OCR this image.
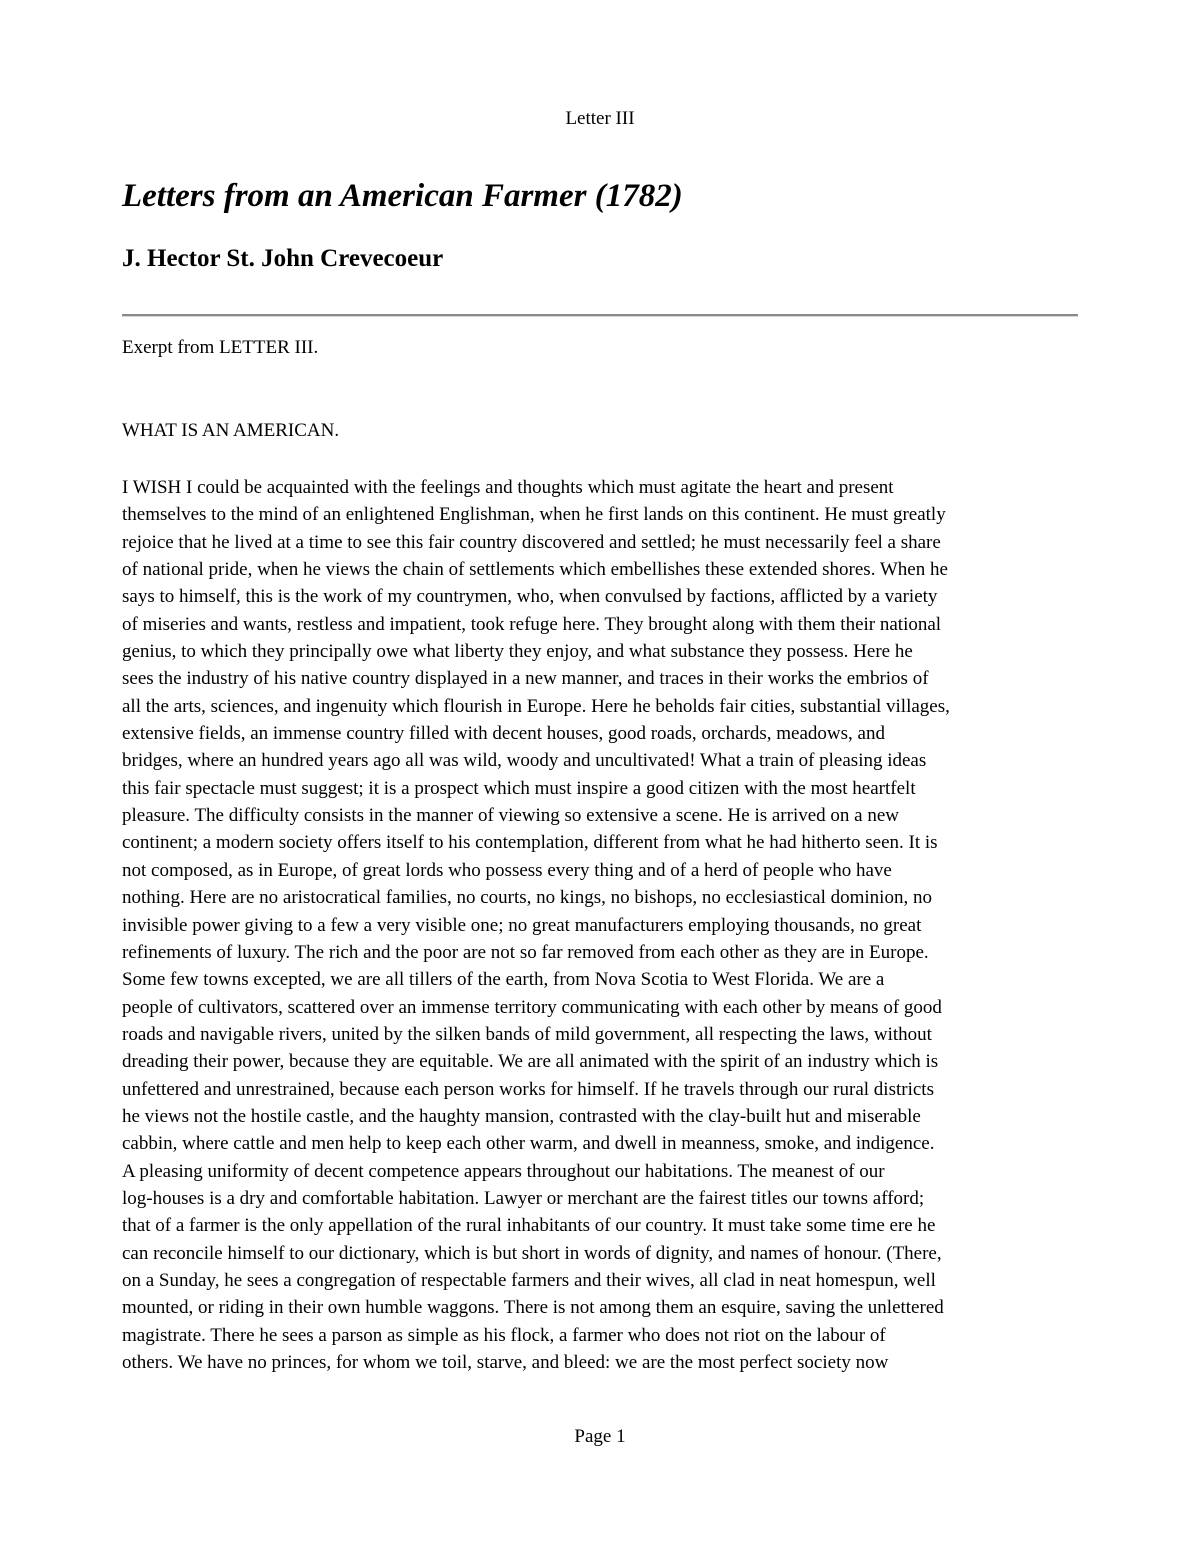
Letter III
Letters from an American Farmer (1782)
J. Hector St. John Crevecoeur
Exerpt from LETTER III.
WHAT IS AN AMERICAN.
I WISH I could be acquainted with the feelings and thoughts which must agitate the heart and present
themselves to the mind of an enlightened Englishman, when he first lands on this continent. He must greatly
rejoice that he lived at a time to see this fair country discovered and settled; he must necessarily feel a share
of national pride, when he views the chain of settlements which embellishes these extended shores. When he
says to himself, this is the work of my countrymen, who, when convulsed by factions, afflicted by a variety
of miseries and wants, restless and impatient, took refuge here. They brought along with them their national
genius, to which they principally owe what liberty they enjoy, and what substance they possess. Here he
sees the industry of his native country displayed in a new manner, and traces in their works the embrios of
all the arts, sciences, and ingenuity which flourish in Europe. Here he beholds fair cities, substantial villages,
extensive fields, an immense country filled with decent houses, good roads, orchards, meadows, and
bridges, where an hundred years ago all was wild, woody and uncultivated! What a train of pleasing ideas
this fair spectacle must suggest; it is a prospect which must inspire a good citizen with the most heartfelt
pleasure. The difficulty consists in the manner of viewing so extensive a scene. He is arrived on a new
continent; a modern society offers itself to his contemplation, different from what he had hitherto seen. It is
not composed, as in Europe, of great lords who possess every thing and of a herd of people who have
nothing. Here are no aristocratical families, no courts, no kings, no bishops, no ecclesiastical dominion, no
invisible power giving to a few a very visible one; no great manufacturers employing thousands, no great
refinements of luxury. The rich and the poor are not so far removed from each other as they are in Europe.
Some few towns excepted, we are all tillers of the earth, from Nova Scotia to West Florida. We are a
people of cultivators, scattered over an immense territory communicating with each other by means of good
roads and navigable rivers, united by the silken bands of mild government, all respecting the laws, without
dreading their power, because they are equitable. We are all animated with the spirit of an industry which is
unfettered and unrestrained, because each person works for himself. If he travels through our rural districts
he views not the hostile castle, and the haughty mansion, contrasted with the clay-built hut and miserable
cabbin, where cattle and men help to keep each other warm, and dwell in meanness, smoke, and indigence.
A pleasing uniformity of decent competence appears throughout our habitations. The meanest of our
log-houses is a dry and comfortable habitation. Lawyer or merchant are the fairest titles our towns afford;
that of a farmer is the only appellation of the rural inhabitants of our country. It must take some time ere he
can reconcile himself to our dictionary, which is but short in words of dignity, and names of honour. (There,
on a Sunday, he sees a congregation of respectable farmers and their wives, all clad in neat homespun, well
mounted, or riding in their own humble waggons. There is not among them an esquire, saving the unlettered
magistrate. There he sees a parson as simple as his flock, a farmer who does not riot on the labour of
others. We have no princes, for whom we toil, starve, and bleed: we are the most perfect society now
Page 1
